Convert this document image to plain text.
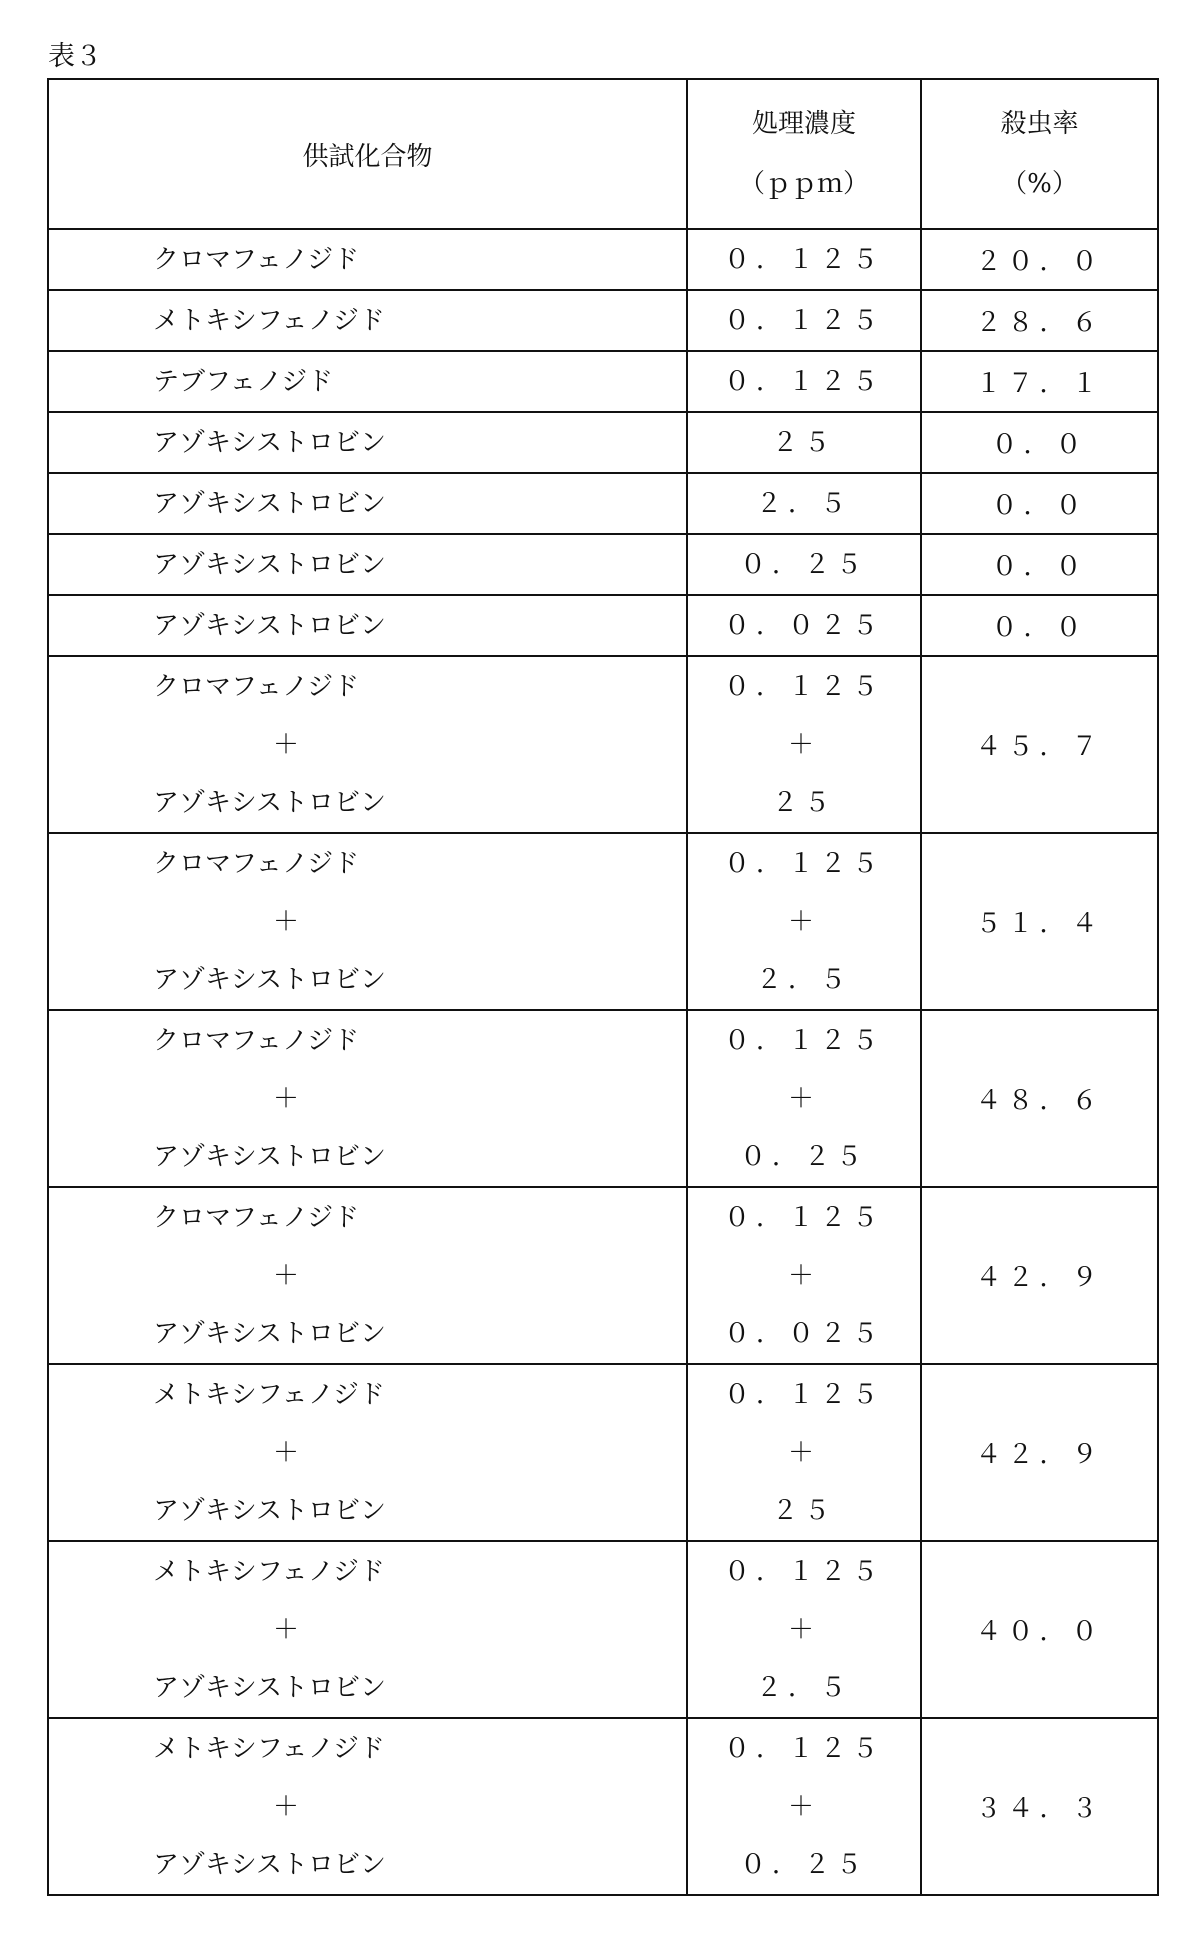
表３
供試化合物	
処理濃度
（ｐｐｍ）

殺虫率
（%）

クロマフェノジド	０．１２５	２０．０

メトキシフェノジド	０．１２５	２８．６

テブフェノジド	０．１２５	１７．１

アゾキシストロビン	２５	０．０

アゾキシストロビン	２．５	０．０

アゾキシストロビン	０．２５	０．０

アゾキシストロビン	０．０２５	０．０

クロマフェノジド
＋
アゾキシストロビン

０．１２５
＋
２５
	４５．７

クロマフェノジド
＋
アゾキシストロビン

０．１２５
＋
２．５
	５１．４

クロマフェノジド
＋
アゾキシストロビン

０．１２５
＋
０．２５
	４８．６

クロマフェノジド
＋
アゾキシストロビン

０．１２５
＋
０．０２５
	４２．９

メトキシフェノジド
＋
アゾキシストロビン

０．１２５
＋
２５
	４２．９

メトキシフェノジド
＋
アゾキシストロビン

０．１２５
＋
２．５
	４０．０

メトキシフェノジド
＋
アゾキシストロビン

０．１２５
＋
０．２５
	３４．３
